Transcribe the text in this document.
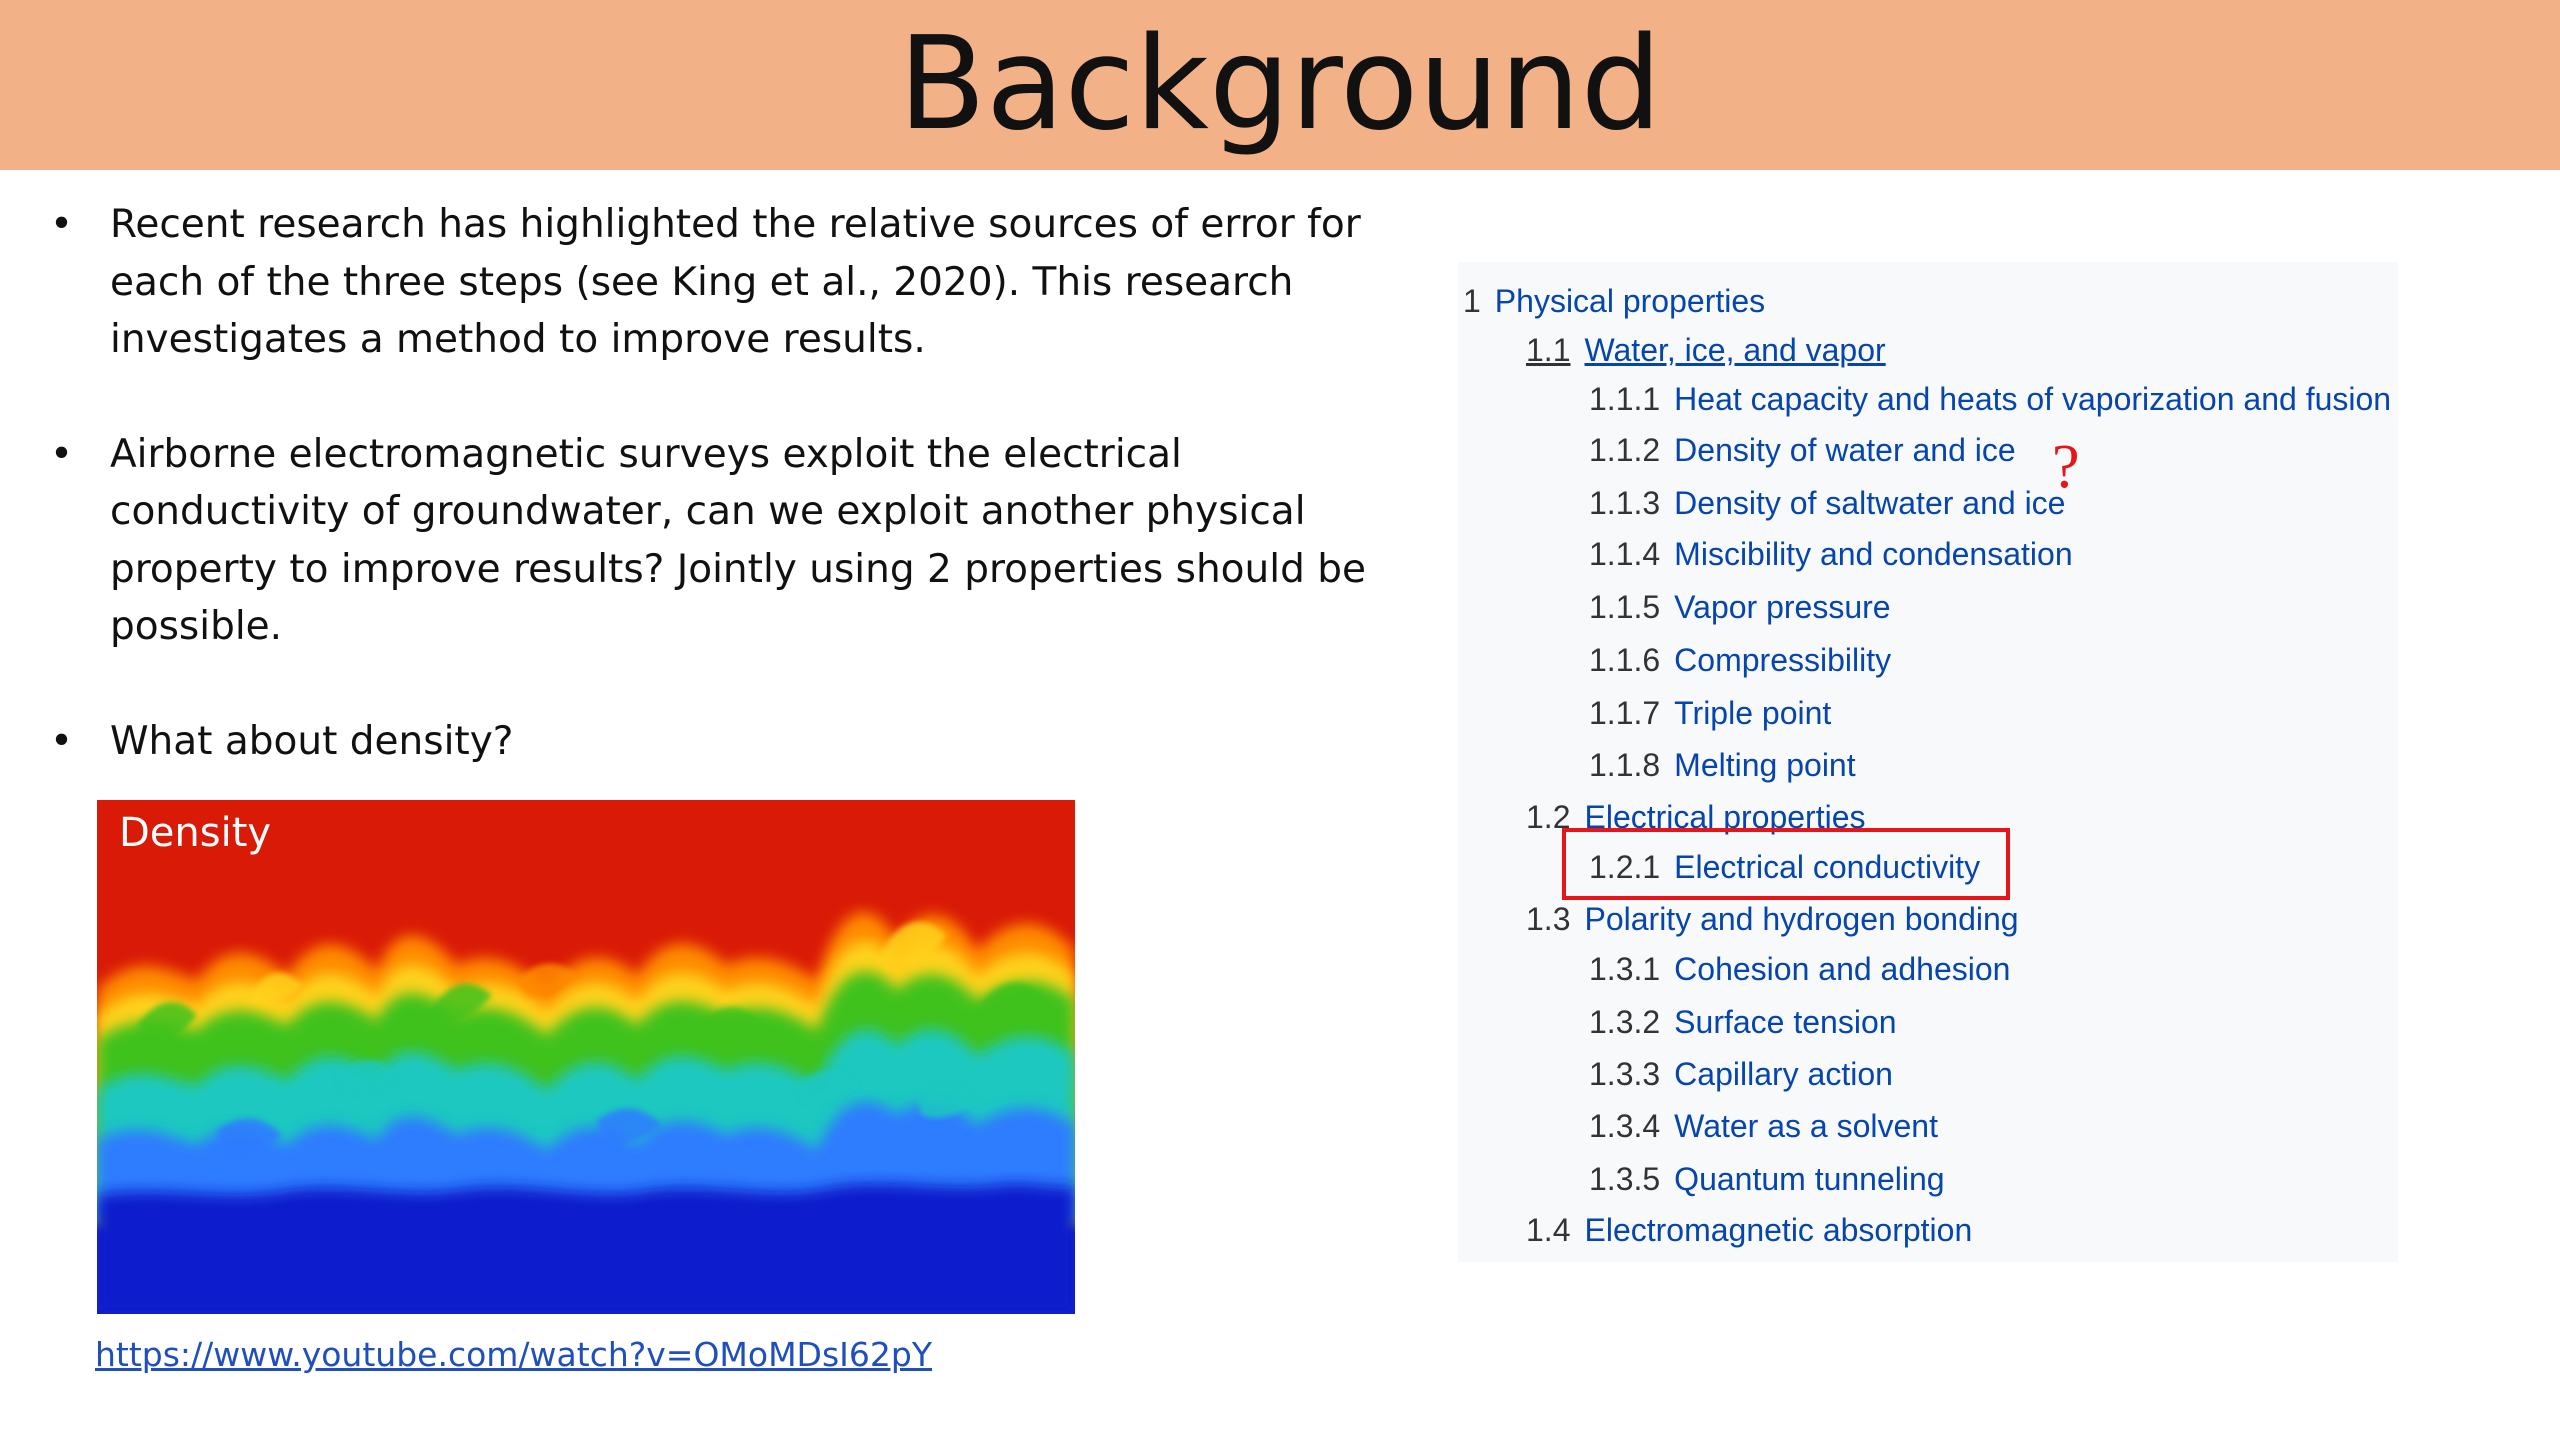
Background
• Recent research has highlighted the relative sources of error for each of the three steps (see King et al., 2020). This research investigates a method to improve results.
• Airborne electromagnetic surveys exploit the electrical conductivity of groundwater, can we exploit another physical property to improve results? Jointly using 2 properties should be possible.
• What about density?
Density
https://www.youtube.com/watch?v=OMoMDsI62pY
1 Physical properties
1.1 Water, ice, and vapor
1.1.1 Heat capacity and heats of vaporization and fusion
1.1.2 Density of water and ice
1.1.3 Density of saltwater and ice
1.1.4 Miscibility and condensation
1.1.5 Vapor pressure
1.1.6 Compressibility
1.1.7 Triple point
1.1.8 Melting point
1.2 Electrical properties
1.2.1 Electrical conductivity
1.3 Polarity and hydrogen bonding
1.3.1 Cohesion and adhesion
1.3.2 Surface tension
1.3.3 Capillary action
1.3.4 Water as a solvent
1.3.5 Quantum tunneling
1.4 Electromagnetic absorption
?
